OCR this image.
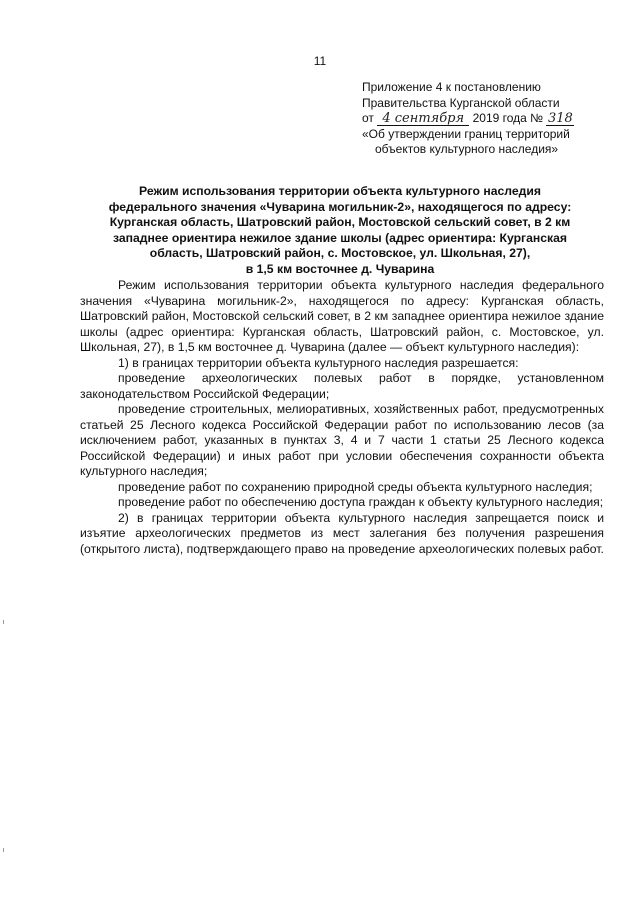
11
Приложение 4 к постановлению
Правительства Курганской области
от 4 сентября 2019 года № 318
«Об утверждении границ территорий
объектов культурного наследия»
Режим использования территории объекта культурного наследия
федерального значения «Чуварина могильник-2», находящегося по адресу:
Курганская область, Шатровский район, Мостовской сельский совет, в 2 км
западнее ориентира нежилое здание школы (адрес ориентира: Курганская
область, Шатровский район, с. Мостовское, ул. Школьная, 27),
в 1,5 км восточнее д. Чуварина

Режим использования территории объекта культурного наследия федерального значения «Чуварина могильник-2», находящегося по адресу: Курганская область, Шатровский район, Мостовской сельский совет, в 2 км западнее ориентира нежилое здание школы (адрес ориентира: Курганская область, Шатровский район, с. Мостовское, ул. Школьная, 27), в 1,5 км восточнее д. Чуварина (далее — объект культурного наследия):

1) в границах территории объекта культурного наследия разрешается:

проведение археологических полевых работ в порядке, установленном законодательством Российской Федерации;

проведение строительных, мелиоративных, хозяйственных работ, предусмотренных статьей 25 Лесного кодекса Российской Федерации работ по использованию лесов (за исключением работ, указанных в пунктах 3, 4 и 7 части 1 статьи 25 Лесного кодекса Российской Федерации) и иных работ при условии обеспечения сохранности объекта культурного наследия;

проведение работ по сохранению природной среды объекта культурного наследия;

проведение работ по обеспечению доступа граждан к объекту культурного наследия;

2) в границах территории объекта культурного наследия запрещается поиск и изъятие археологических предметов из мест залегания без получения разрешения (открытого листа), подтверждающего право на проведение археологических полевых работ.
